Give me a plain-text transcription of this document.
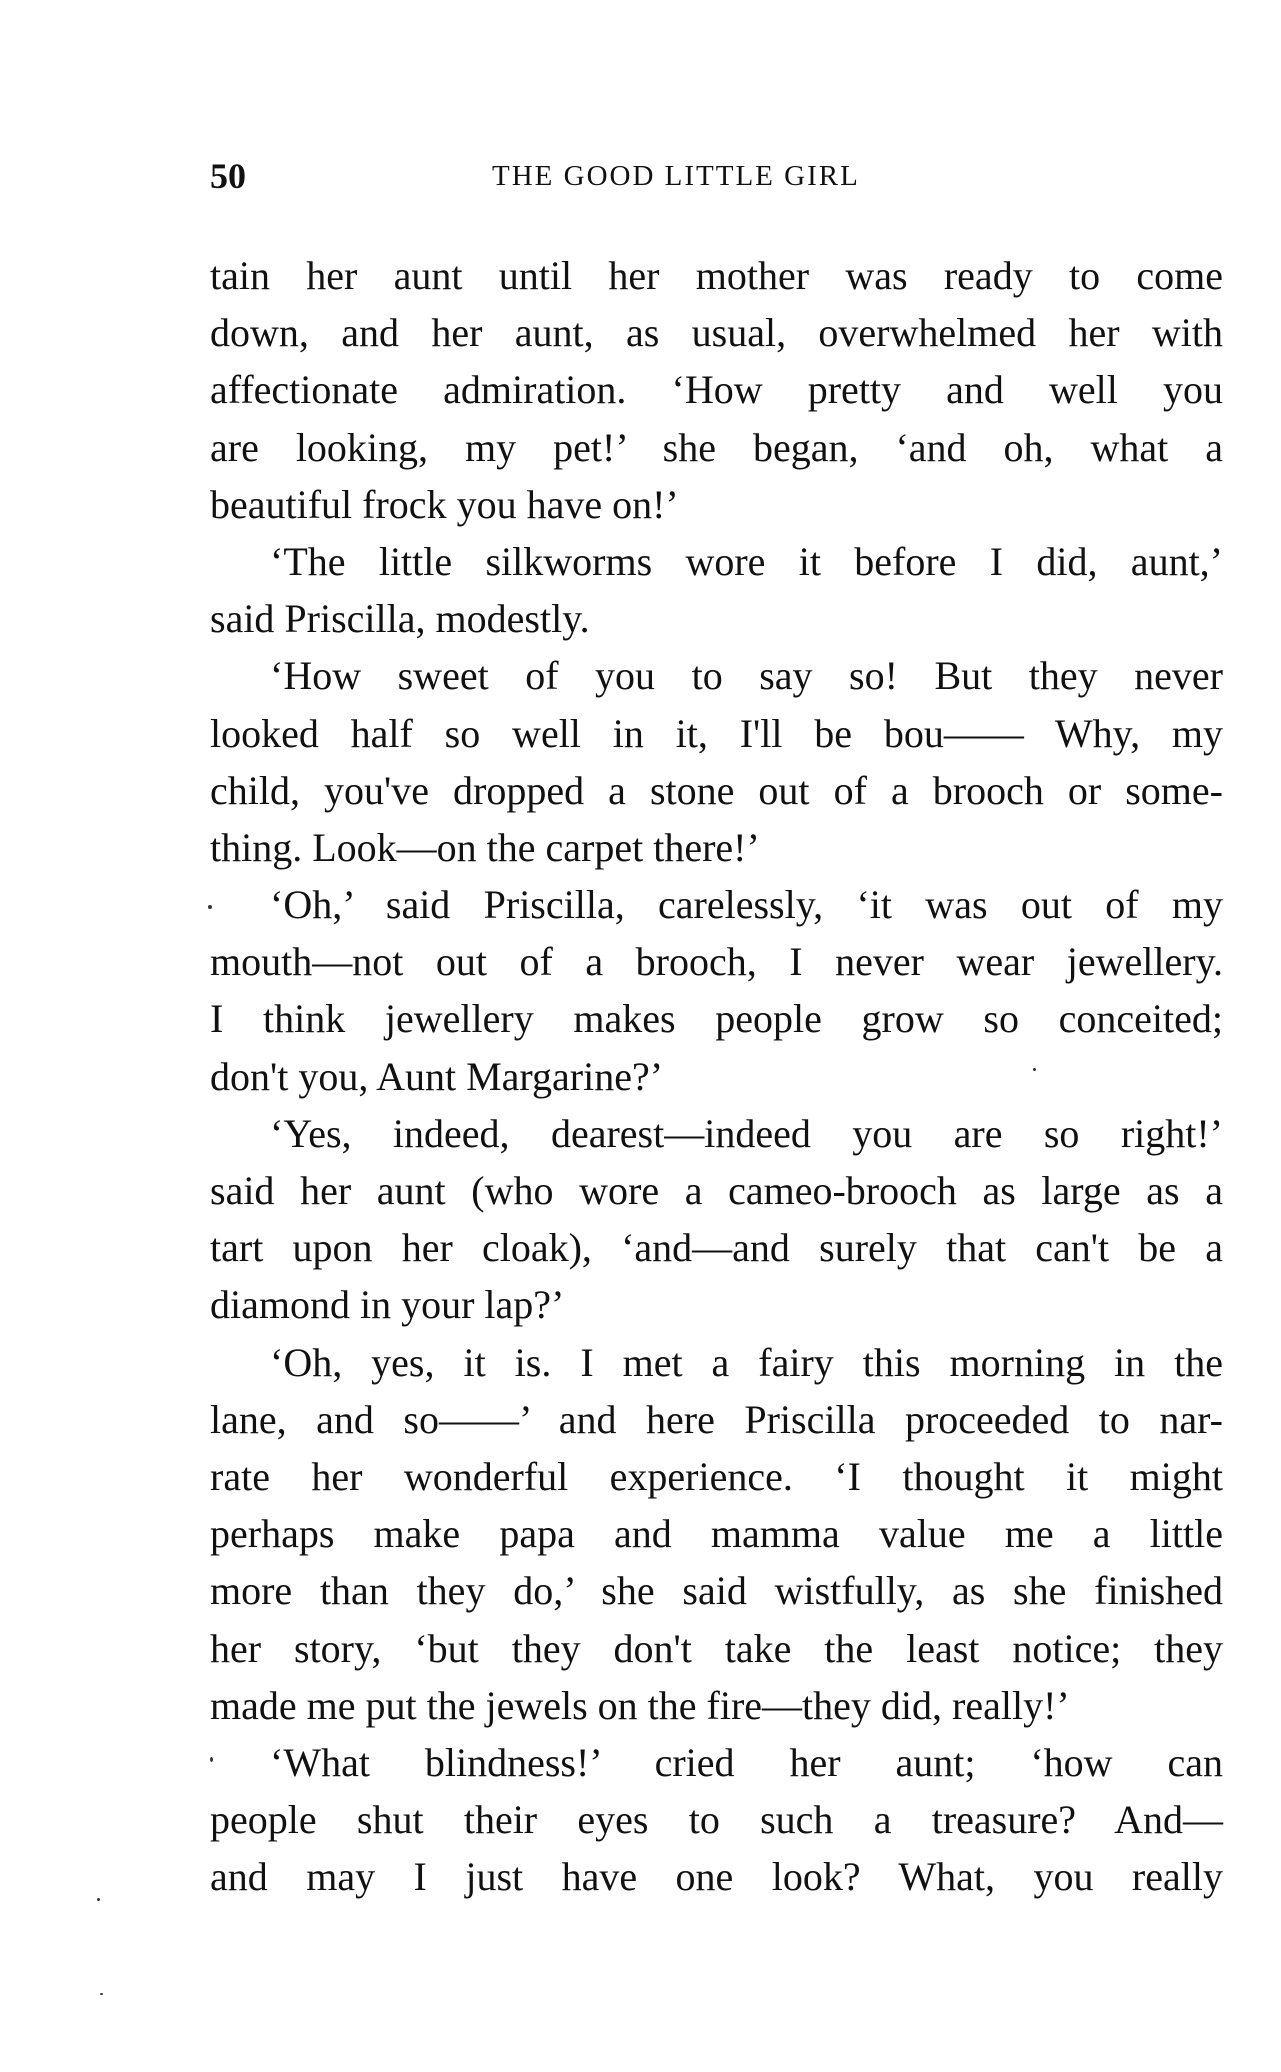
50	THE GOOD LITTLE GIRL
tain her aunt until her mother was ready to come
down, and her aunt, as usual, overwhelmed her with
affectionate admiration. ‘How pretty and well you
are looking, my pet!’ she began, ‘and oh, what a
beautiful frock you have on!’
‘The little silkworms wore it before I did, aunt,’
said Priscilla, modestly.
‘How sweet of you to say so! But they never
looked half so well in it, I'll be bou—— Why, my
child, you've dropped a stone out of a brooch or some-
thing. Look—on the carpet there!’
‘Oh,’ said Priscilla, carelessly, ‘it was out of my
mouth—not out of a brooch, I never wear jewellery.
I think jewellery makes people grow so conceited;
don't you, Aunt Margarine?’
‘Yes, indeed, dearest—indeed you are so right!’
said her aunt (who wore a cameo-brooch as large as a
tart upon her cloak), ‘and—and surely that can't be a
diamond in your lap?’
‘Oh, yes, it is. I met a fairy this morning in the
lane, and so——’ and here Priscilla proceeded to nar-
rate her wonderful experience. ‘I thought it might
perhaps make papa and mamma value me a little
more than they do,’ she said wistfully, as she finished
her story, ‘but they don't take the least notice; they
made me put the jewels on the fire—they did, really!’
‘What blindness!’ cried her aunt; ‘how can
people shut their eyes to such a treasure? And—
and may I just have one look? What, you really
